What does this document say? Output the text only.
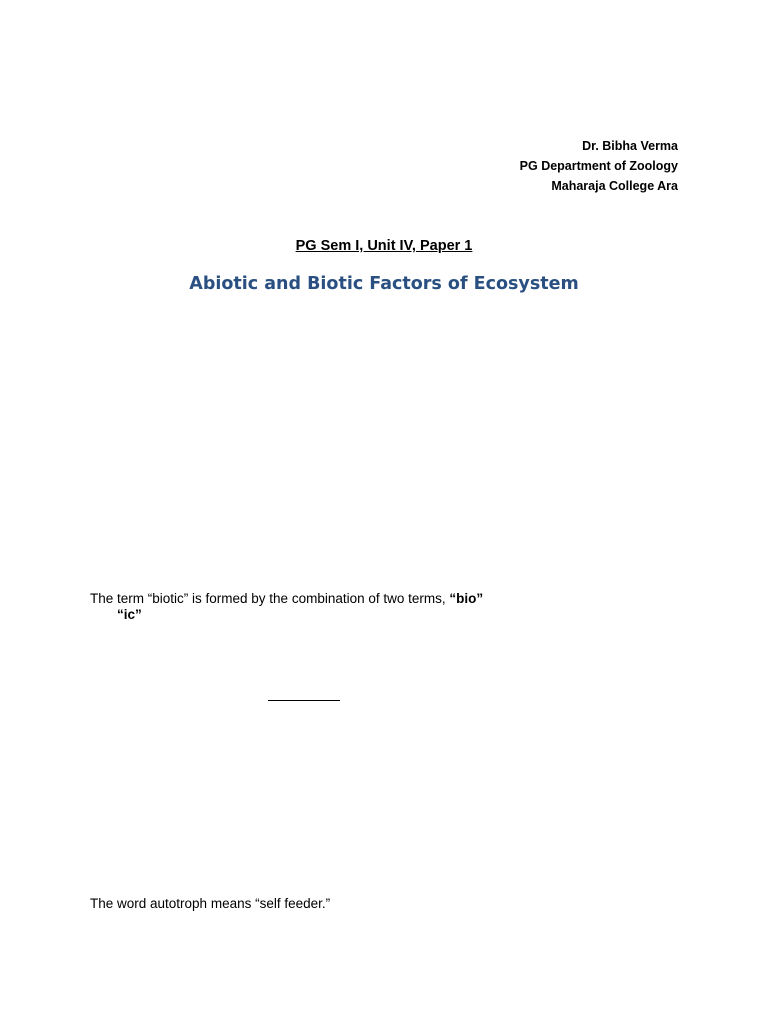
Dr. Bibha Verma
PG Department of Zoology
Maharaja College Ara
PG Sem I, Unit IV, Paper 1
Abiotic and Biotic Factors of Ecosystem
The term “biotic” is formed by the combination of two terms, “bio”
“ic”
The word autotroph means “self feeder.”
